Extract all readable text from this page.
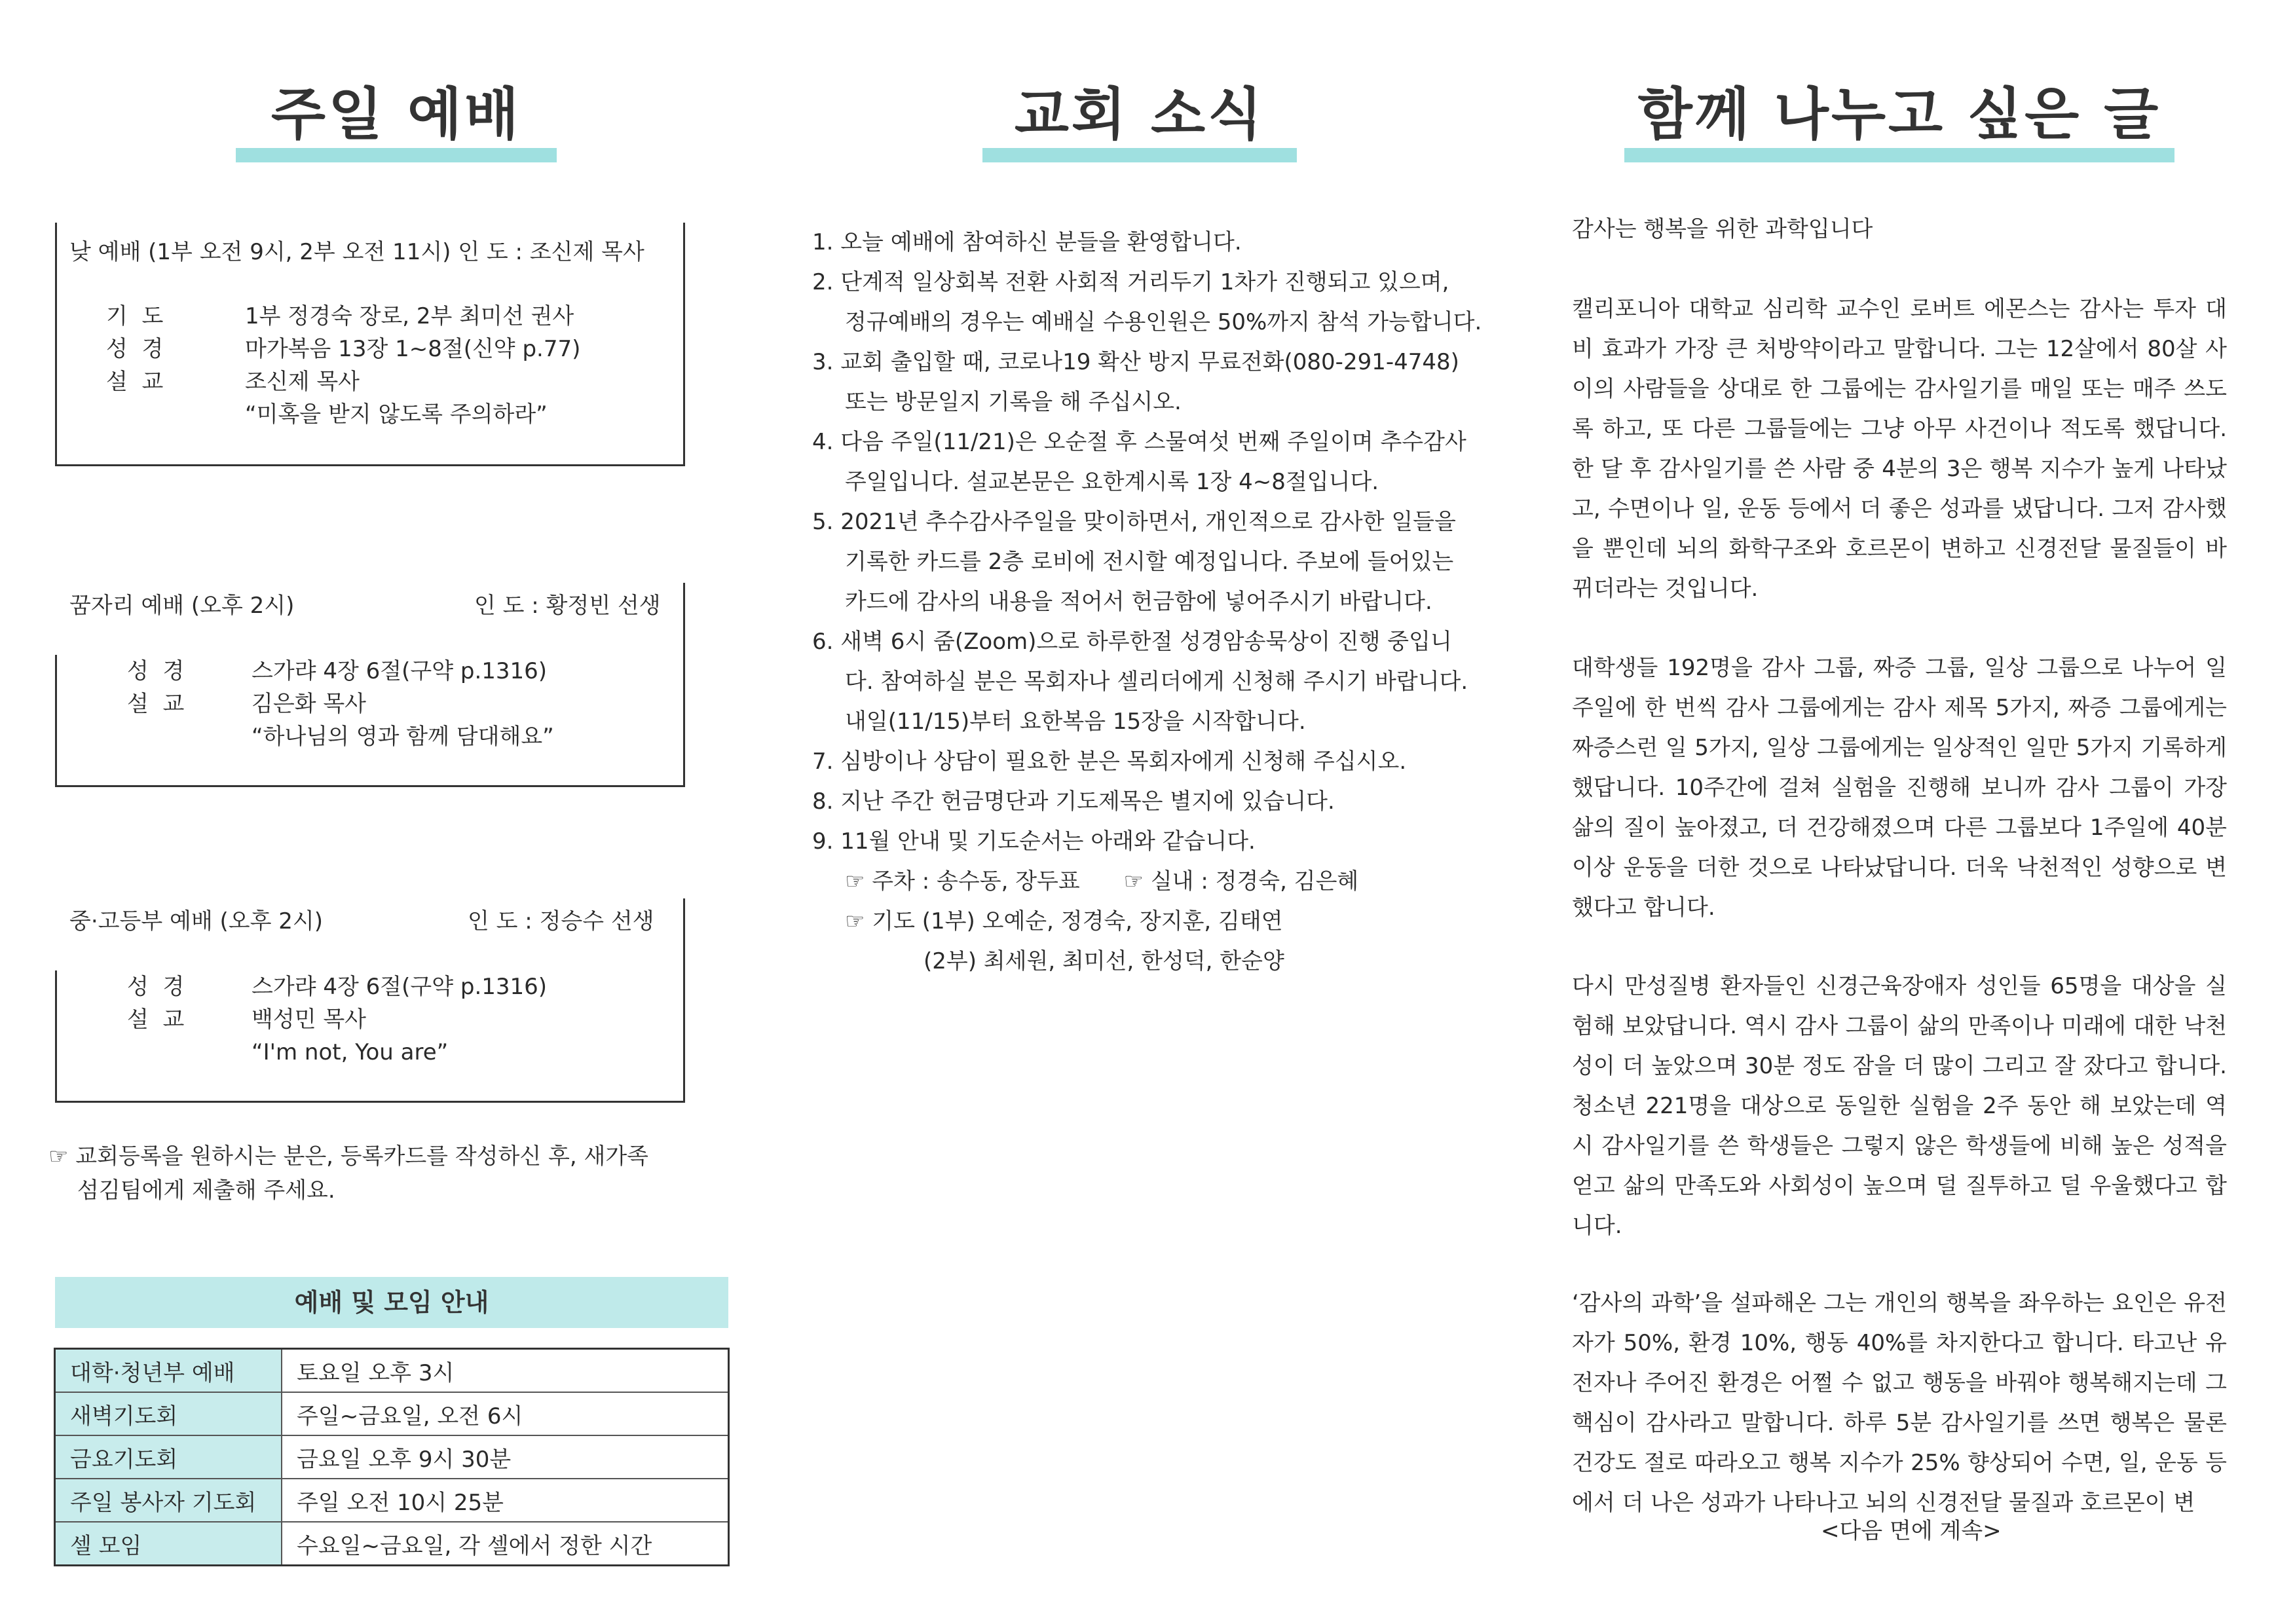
주일 예배
낮 예배 (1부 오전 9시, 2부 오전 11시) 인 도 : 조신제 목사
기  도	1부 정경숙 장로, 2부 최미선 권사
성  경	마가복음 13장 1~8절(신약 p.77)
설  교	조신제 목사
“미혹을 받지 않도록 주의하라”
꿈자리 예배 (오후 2시)	인 도 : 황정빈 선생
성  경	스가랴 4장 6절(구약 p.1316)
설  교	김은화 목사
“하나님의 영과 함께 담대해요”
중·고등부 예배 (오후 2시)	인 도 : 정승수 선생
성  경	스가랴 4장 6절(구약 p.1316)
설  교	백성민 목사
“I'm not, You are”
☞ 교회등록을 원하시는 분은, 등록카드를 작성하신 후, 새가족
섬김팀에게 제출해 주세요.
예배 및 모임 안내
대학·청년부 예배	토요일 오후 3시
새벽기도회	주일~금요일, 오전 6시
금요기도회	금요일 오후 9시 30분
주일 봉사자 기도회	주일 오전 10시 25분
셀 모임	수요일~금요일, 각 셀에서 정한 시간
교회 소식
1. 오늘 예배에 참여하신 분들을 환영합니다.
2. 단계적 일상회복 전환 사회적 거리두기 1차가 진행되고 있으며,
정규예배의 경우는 예배실 수용인원은 50%까지 참석 가능합니다.
3. 교회 출입할 때, 코로나19 확산 방지 무료전화(080-291-4748)
또는 방문일지 기록을 해 주십시오.
4. 다음 주일(11/21)은 오순절 후 스물여섯 번째 주일이며 추수감사
주일입니다. 설교본문은 요한계시록 1장 4~8절입니다.
5. 2021년 추수감사주일을 맞이하면서, 개인적으로 감사한 일들을
기록한 카드를 2층 로비에 전시할 예정입니다. 주보에 들어있는
카드에 감사의 내용을 적어서 헌금함에 넣어주시기 바랍니다.
6. 새벽 6시 줌(Zoom)으로 하루한절 성경암송묵상이 진행 중입니
다. 참여하실 분은 목회자나 셀리더에게 신청해 주시기 바랍니다.
내일(11/15)부터 요한복음 15장을 시작합니다.
7. 심방이나 상담이 필요한 분은 목회자에게 신청해 주십시오.
8. 지난 주간 헌금명단과 기도제목은 별지에 있습니다.
9. 11월 안내 및 기도순서는 아래와 같습니다.
☞ 주차 : 송수동, 장두표 ☞ 실내 : 정경숙, 김은혜
☞ 기도 (1부) 오예순, 정경숙, 장지훈, 김태연
(2부) 최세원, 최미선, 한성덕, 한순양
함께 나누고 싶은 글
감사는 행복을 위한 과학입니다
캘리포니아 대학교 심리학 교수인 로버트 에몬스는 감사는 투자 대비 효과가 가장 큰 처방약이라고 말합니다. 그는 12살에서 80살 사이의 사람들을 상대로 한 그룹에는 감사일기를 매일 또는 매주 쓰도록 하고, 또 다른 그룹들에는 그냥 아무 사건이나 적도록 했답니다. 한 달 후 감사일기를 쓴 사람 중 4분의 3은 행복 지수가 높게 나타났고, 수면이나 일, 운동 등에서 더 좋은 성과를 냈답니다. 그저 감사했을 뿐인데 뇌의 화학구조와 호르몬이 변하고 신경전달 물질들이 바뀌더라는 것입니다.
대학생들 192명을 감사 그룹, 짜증 그룹, 일상 그룹으로 나누어 일주일에 한 번씩 감사 그룹에게는 감사 제목 5가지, 짜증 그룹에게는 짜증스런 일 5가지, 일상 그룹에게는 일상적인 일만 5가지 기록하게 했답니다. 10주간에 걸쳐 실험을 진행해 보니까 감사 그룹이 가장 삶의 질이 높아졌고, 더 건강해졌으며 다른 그룹보다 1주일에 40분 이상 운동을 더한 것으로 나타났답니다. 더욱 낙천적인 성향으로 변했다고 합니다.
다시 만성질병 환자들인 신경근육장애자 성인들 65명을 대상을 실험해 보았답니다. 역시 감사 그룹이 삶의 만족이나 미래에 대한 낙천성이 더 높았으며 30분 정도 잠을 더 많이 그리고 잘 잤다고 합니다. 청소년 221명을 대상으로 동일한 실험을 2주 동안 해 보았는데 역시 감사일기를 쓴 학생들은 그렇지 않은 학생들에 비해 높은 성적을 얻고 삶의 만족도와 사회성이 높으며 덜 질투하고 덜 우울했다고 합니다.
‘감사의 과학’을 설파해온 그는 개인의 행복을 좌우하는 요인은 유전자가 50%, 환경 10%, 행동 40%를 차지한다고 합니다. 타고난 유전자나 주어진 환경은 어쩔 수 없고 행동을 바꿔야 행복해지는데 그 핵심이 감사라고 말합니다. 하루 5분 감사일기를 쓰면 행복은 물론 건강도 절로 따라오고 행복 지수가 25% 향상되어 수면, 일, 운동 등에서 더 나은 성과가 나타나고 뇌의 신경전달 물질과 호르몬이 변
<다음 면에 계속>
